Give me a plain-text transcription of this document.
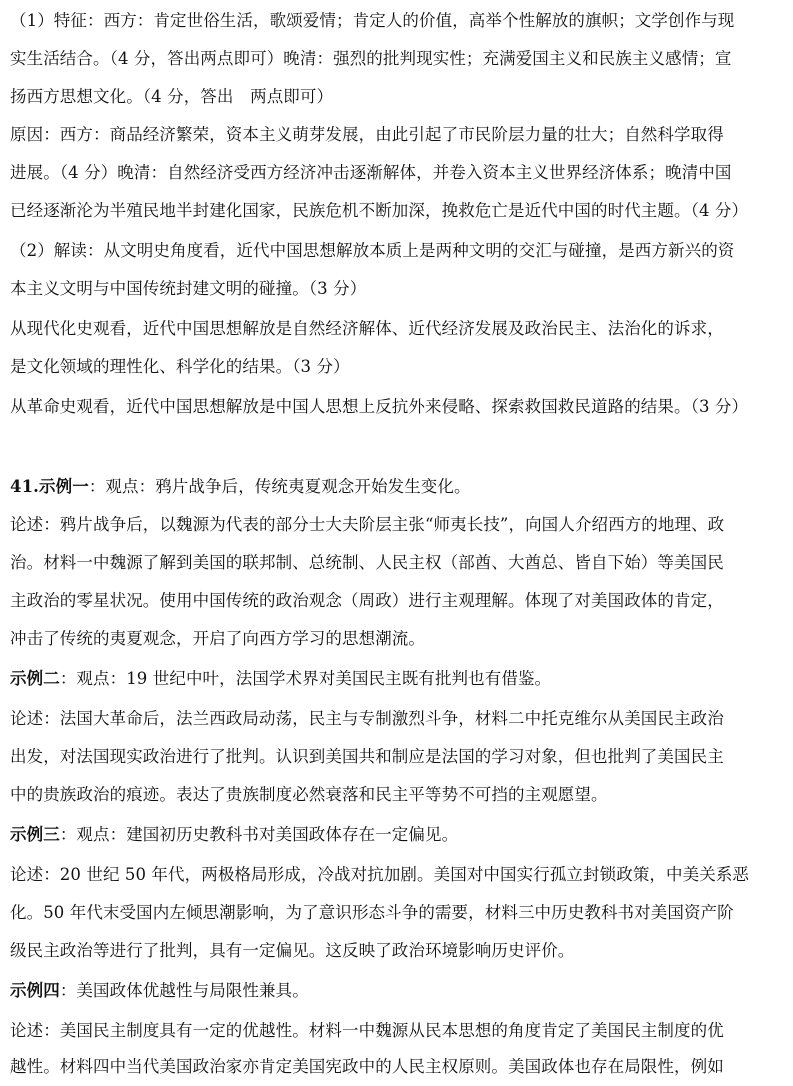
（1）特征：西方：肯定世俗生活，歌颂爱情；肯定人的价值，高举个性解放的旗帜；文学创作与现
实生活结合。（4 分，答出两点即可）晚清：强烈的批判现实性；充满爱国主义和民族主义感情；宣
扬西方思想文化。（4 分，答出　两点即可）
原因：西方：商品经济繁荣，资本主义萌芽发展，由此引起了市民阶层力量的壮大；自然科学取得
进展。（4 分）晚清：自然经济受西方经济冲击逐渐解体，并卷入资本主义世界经济体系；晚清中国
已经逐渐沦为半殖民地半封建化国家，民族危机不断加深，挽救危亡是近代中国的时代主题。（4 分）
（2）解读：从文明史角度看，近代中国思想解放本质上是两种文明的交汇与碰撞，是西方新兴的资
本主义文明与中国传统封建文明的碰撞。（3 分）
从现代化史观看，近代中国思想解放是自然经济解体、近代经济发展及政治民主、法治化的诉求，
是文化领域的理性化、科学化的结果。（3 分）
从革命史观看，近代中国思想解放是中国人思想上反抗外来侵略、探索救国救民道路的结果。（3 分）
41.示例一：观点：鸦片战争后，传统夷夏观念开始发生变化。
论述：鸦片战争后，以魏源为代表的部分士大夫阶层主张“师夷长技”，向国人介绍西方的地理、政
治。材料一中魏源了解到美国的联邦制、总统制、人民主权（部酋、大酋总、皆自下始）等美国民
主政治的零星状况。使用中国传统的政治观念（周政）进行主观理解。体现了对美国政体的肯定，
冲击了传统的夷夏观念，开启了向西方学习的思想潮流。
示例二：观点：19 世纪中叶，法国学术界对美国民主既有批判也有借鉴。
论述：法国大革命后，法兰西政局动荡，民主与专制激烈斗争，材料二中托克维尔从美国民主政治
出发，对法国现实政治进行了批判。认识到美国共和制应是法国的学习对象，但也批判了美国民主
中的贵族政治的痕迹。表达了贵族制度必然衰落和民主平等势不可挡的主观愿望。
示例三：观点：建国初历史教科书对美国政体存在一定偏见。
论述：20 世纪 50 年代，两极格局形成，冷战对抗加剧。美国对中国实行孤立封锁政策，中美关系恶
化。50 年代末受国内左倾思潮影响，为了意识形态斗争的需要，材料三中历史教科书对美国资产阶
级民主政治等进行了批判，具有一定偏见。这反映了政治环境影响历史评价。
示例四：美国政体优越性与局限性兼具。
论述：美国民主制度具有一定的优越性。材料一中魏源从民本思想的角度肯定了美国民主制度的优
越性。材料四中当代美国政治家亦肯定美国宪政中的人民主权原则。美国政体也存在局限性，例如
